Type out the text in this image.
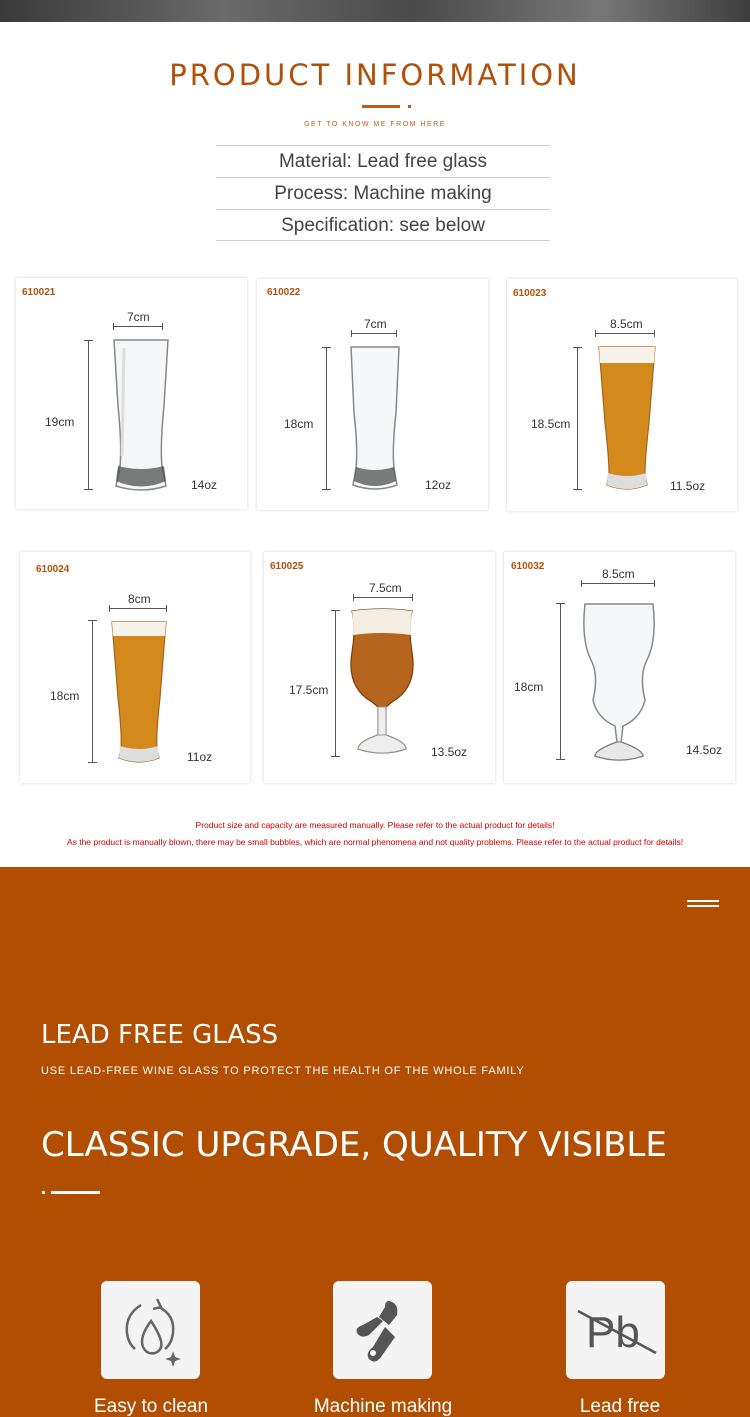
PRODUCT INFORMATION
GET TO KNOW ME FROM HERE
Material: Lead free glass
Process: Machine making
Specification: see below
610021
7cm
19cm
14oz
610022
7cm
18cm
12oz
610023
8.5cm
18.5cm
11.5oz
610024
8cm
18cm
11oz
610025
7.5cm
17.5cm
13.5oz
610032
8.5cm
18cm
14.5oz
Product size and capacity are measured manually. Please refer to the actual product for details!
As the product is manually blown, there may be small bubbles, which are normal phenomena and not quality problems. Please refer to the actual product for details!
LEAD FREE GLASS
USE LEAD-FREE WINE GLASS TO PROTECT THE HEALTH OF THE WHOLE FAMILY
CLASSIC UPGRADE, QUALITY VISIBLE
Easy to clean	Machine making
Pb
Lead free
